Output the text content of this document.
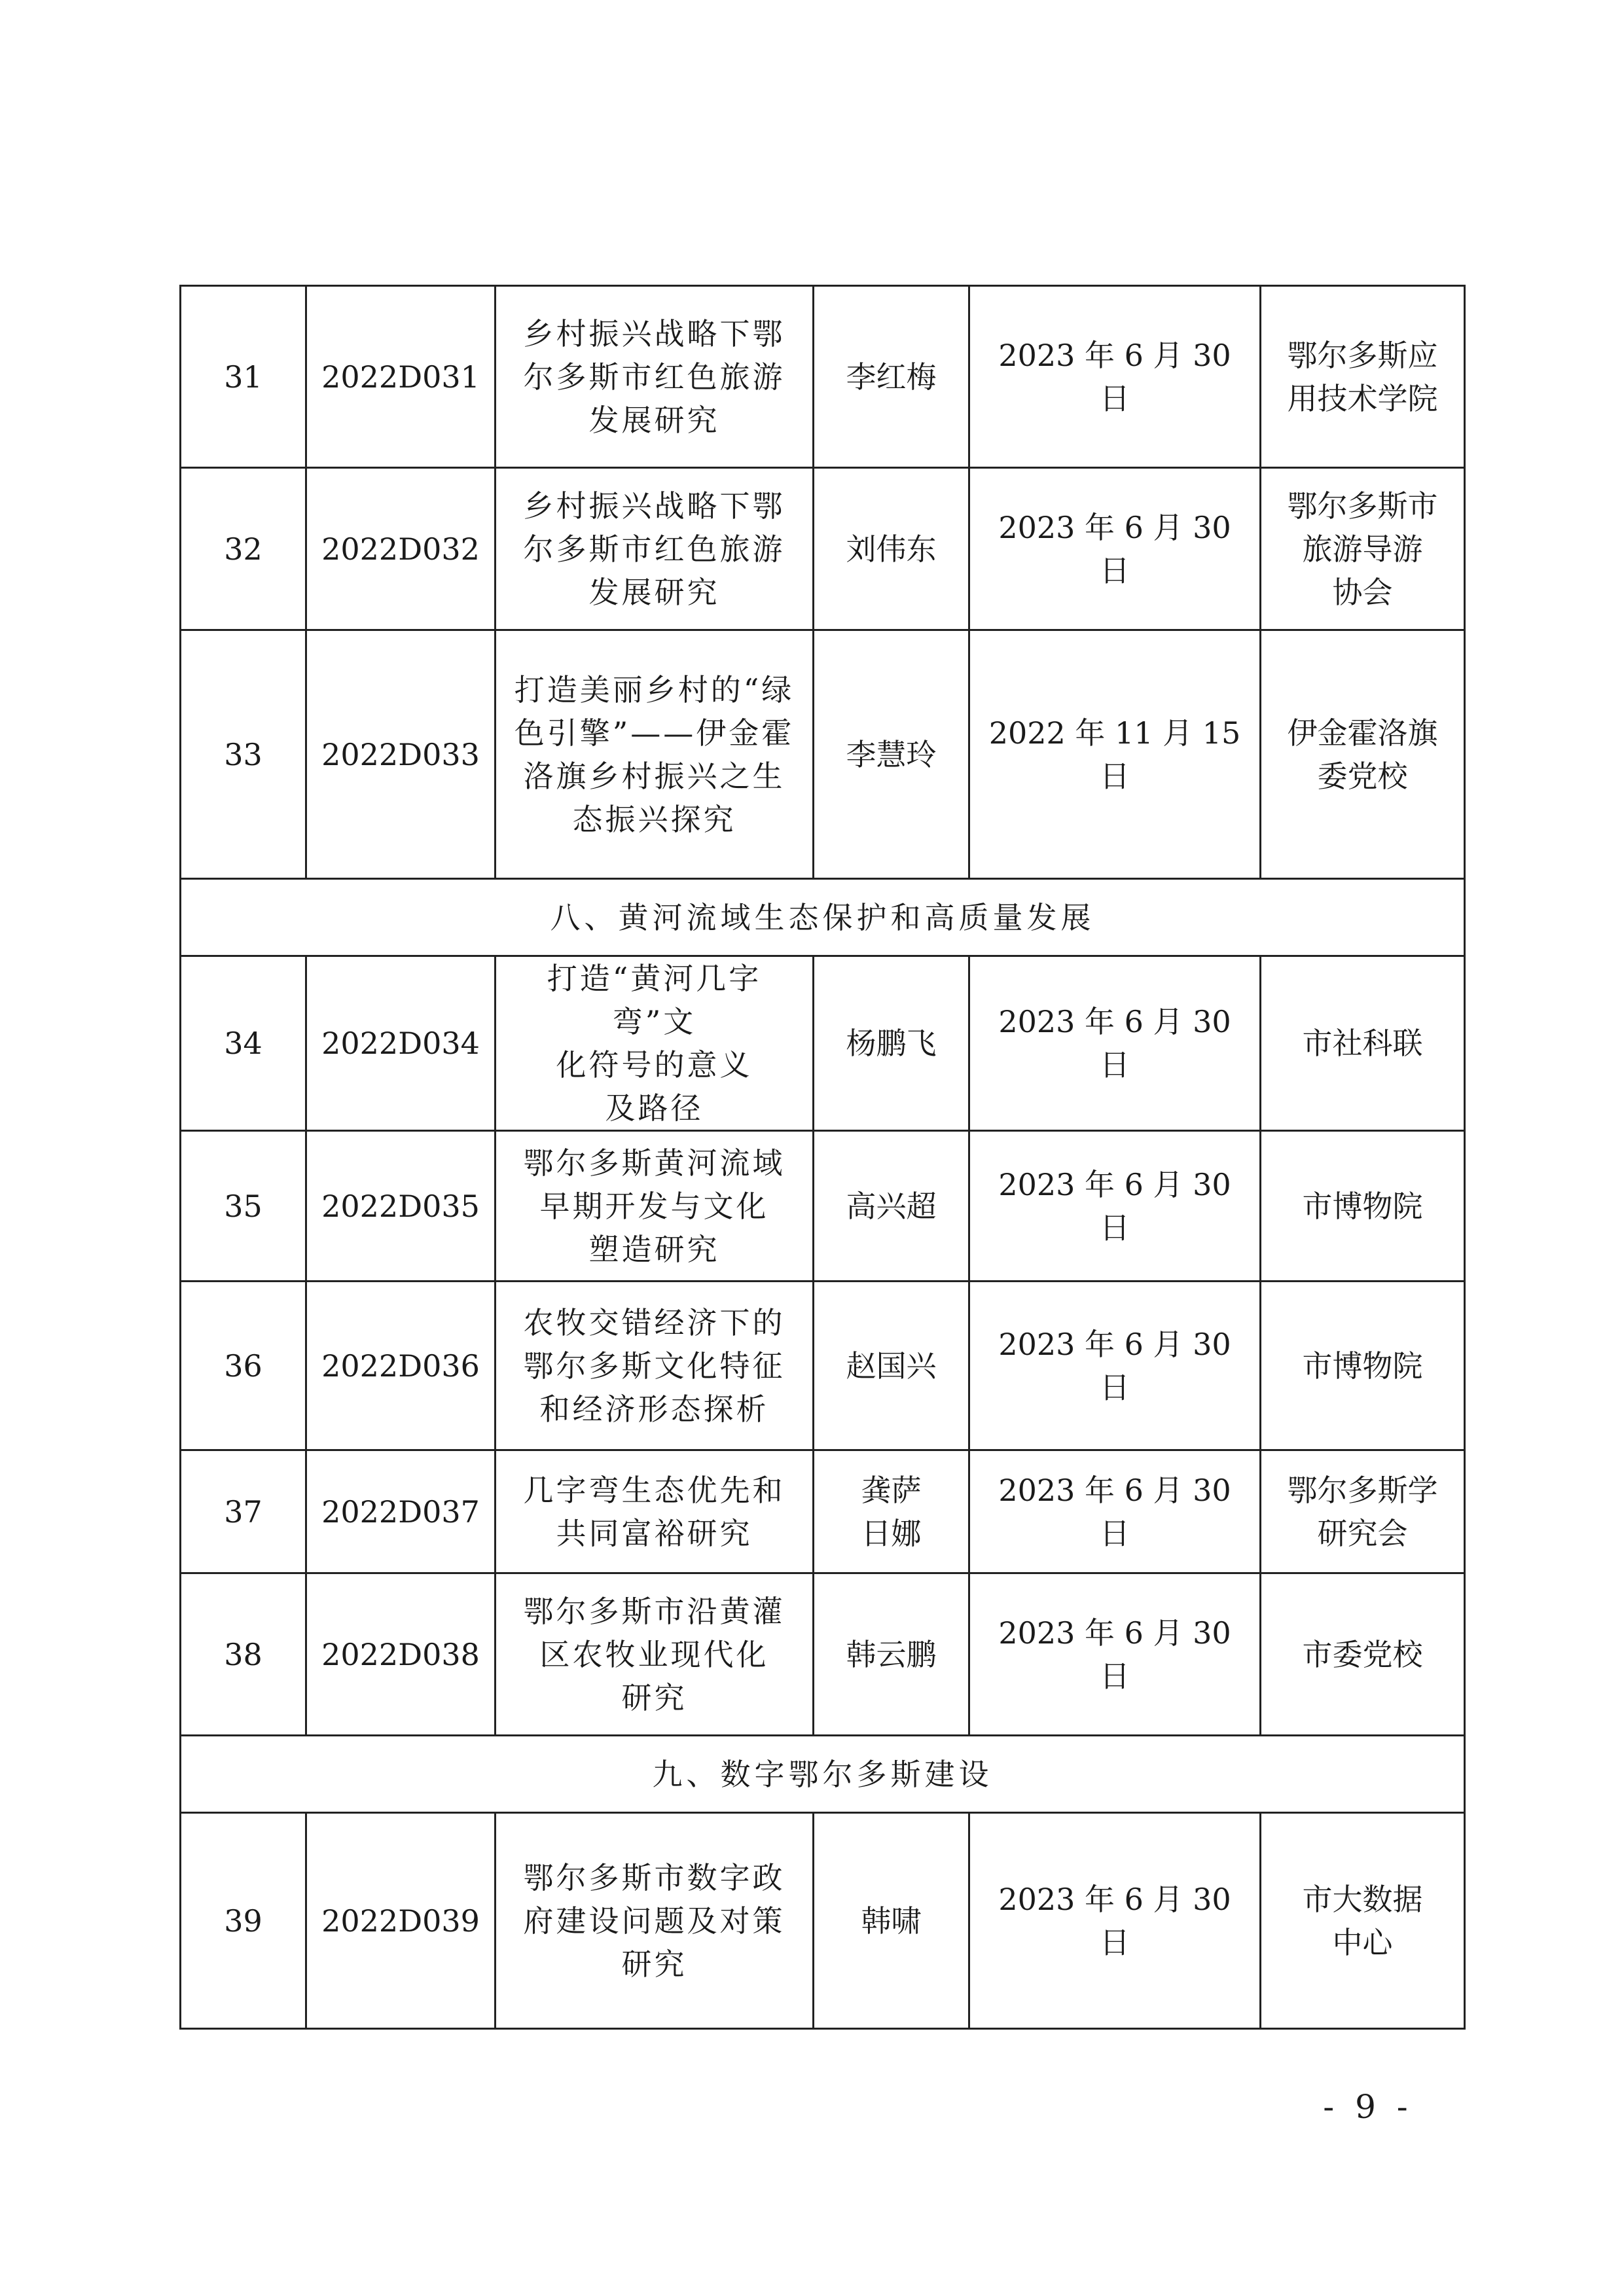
31	2022D031	乡村振兴战略下鄂
尔多斯市红色旅游
发展研究	李红梅	2023 年 6 月 30 日	鄂尔多斯应
用技术学院

32	2022D032	乡村振兴战略下鄂
尔多斯市红色旅游
发展研究	刘伟东	2023 年 6 月 30 日	鄂尔多斯市
旅游导游
协会

33	2022D033	打造美丽乡村的“绿
色引擎”——伊金霍
洛旗乡村振兴之生
态振兴探究	李慧玲	2022 年 11 月 15 日	伊金霍洛旗
委党校

八、黄河流域生态保护和高质量发展					
34	2022D034	打造“黄河几字弯”文
化符号的意义
及路径	杨鹏飞	2023 年 6 月 30 日	市社科联

35	2022D035	鄂尔多斯黄河流域
早期开发与文化
塑造研究	高兴超	2023 年 6 月 30 日	市博物院

36	2022D036	农牧交错经济下的
鄂尔多斯文化特征
和经济形态探析	赵国兴	2023 年 6 月 30 日	市博物院

37	2022D037	几字弯生态优先和
共同富裕研究	龚萨
日娜	2023 年 6 月 30 日	鄂尔多斯学
研究会

38	2022D038	鄂尔多斯市沿黄灌
区农牧业现代化
研究	韩云鹏	2023 年 6 月 30 日	市委党校

九、数字鄂尔多斯建设					
39	2022D039	鄂尔多斯市数字政
府建设问题及对策
研究	韩啸	2023 年 6 月 30 日	市大数据
中心
- 9 -
